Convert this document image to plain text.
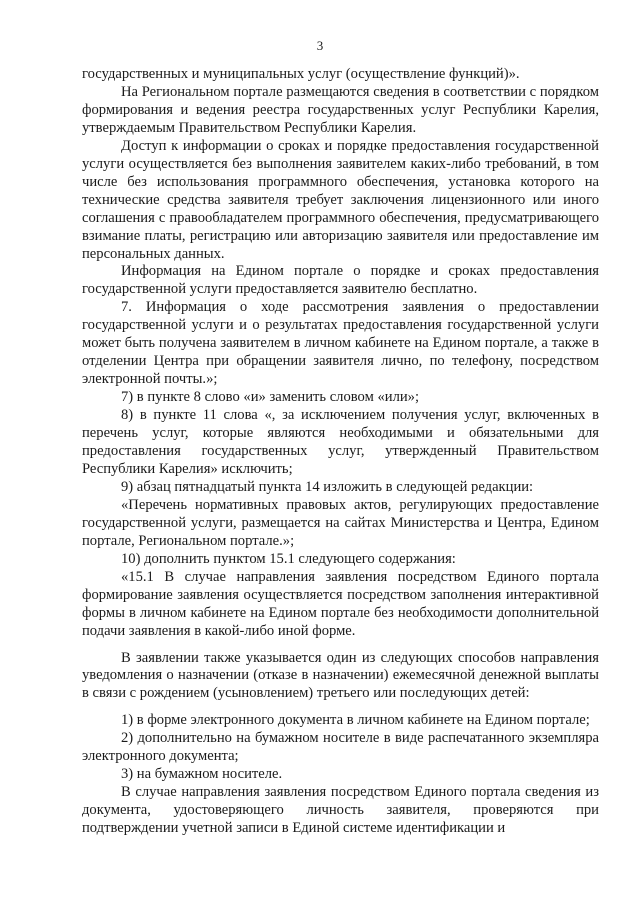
3

государственных и муниципальных услуг (осуществление функций)».

На Региональном портале размещаются сведения в соответствии с порядком формирования и ведения реестра государственных услуг Республики Карелия, утверждаемым Правительством Республики Карелия.

Доступ к информации о сроках и порядке предоставления государственной услуги осуществляется без выполнения заявителем каких-либо требований, в том числе без использования программного обеспечения, установка которого на технические средства заявителя требует заключения лицензионного или иного соглашения с правообладателем программного обеспечения, предусматривающего взимание платы, регистрацию или авторизацию заявителя или предоставление им персональных данных.

Информация на Едином портале о порядке и сроках предоставления государственной услуги предоставляется заявителю бесплатно.

7. Информация о ходе рассмотрения заявления о предоставлении государственной услуги и о результатах предоставления государственной услуги может быть получена заявителем в личном кабинете на Едином портале, а также в отделении Центра при обращении заявителя лично, по телефону, посредством электронной почты.»;

7) в пункте 8 слово «и» заменить словом «или»;

8) в пункте 11 слова «, за исключением получения услуг, включенных в перечень услуг, которые являются необходимыми и обязательными для предоставления государственных услуг, утвержденный Правительством Республики Карелия» исключить;

9) абзац пятнадцатый пункта 14 изложить в следующей редакции:

«Перечень нормативных правовых актов, регулирующих предоставление государственной услуги, размещается на сайтах Министерства и Центра, Едином портале, Региональном портале.»;

10) дополнить пунктом 15.1 следующего содержания:

«15.1 В случае направления заявления посредством Единого портала формирование заявления осуществляется посредством заполнения интерактивной формы в личном кабинете на Едином портале без необходимости дополнительной подачи заявления в какой-либо иной форме.

В заявлении также указывается один из следующих способов направления уведомления о назначении (отказе в назначении) ежемесячной денежной выплаты в связи с рождением (усыновлением) третьего или последующих детей:

1) в форме электронного документа в личном кабинете на Едином портале;

2) дополнительно на бумажном носителе в виде распечатанного экземпляра электронного документа;

3) на бумажном носителе.

В случае направления заявления посредством Единого портала сведения из документа, удостоверяющего личность заявителя, проверяются при подтверждении учетной записи в Единой системе идентификации и
